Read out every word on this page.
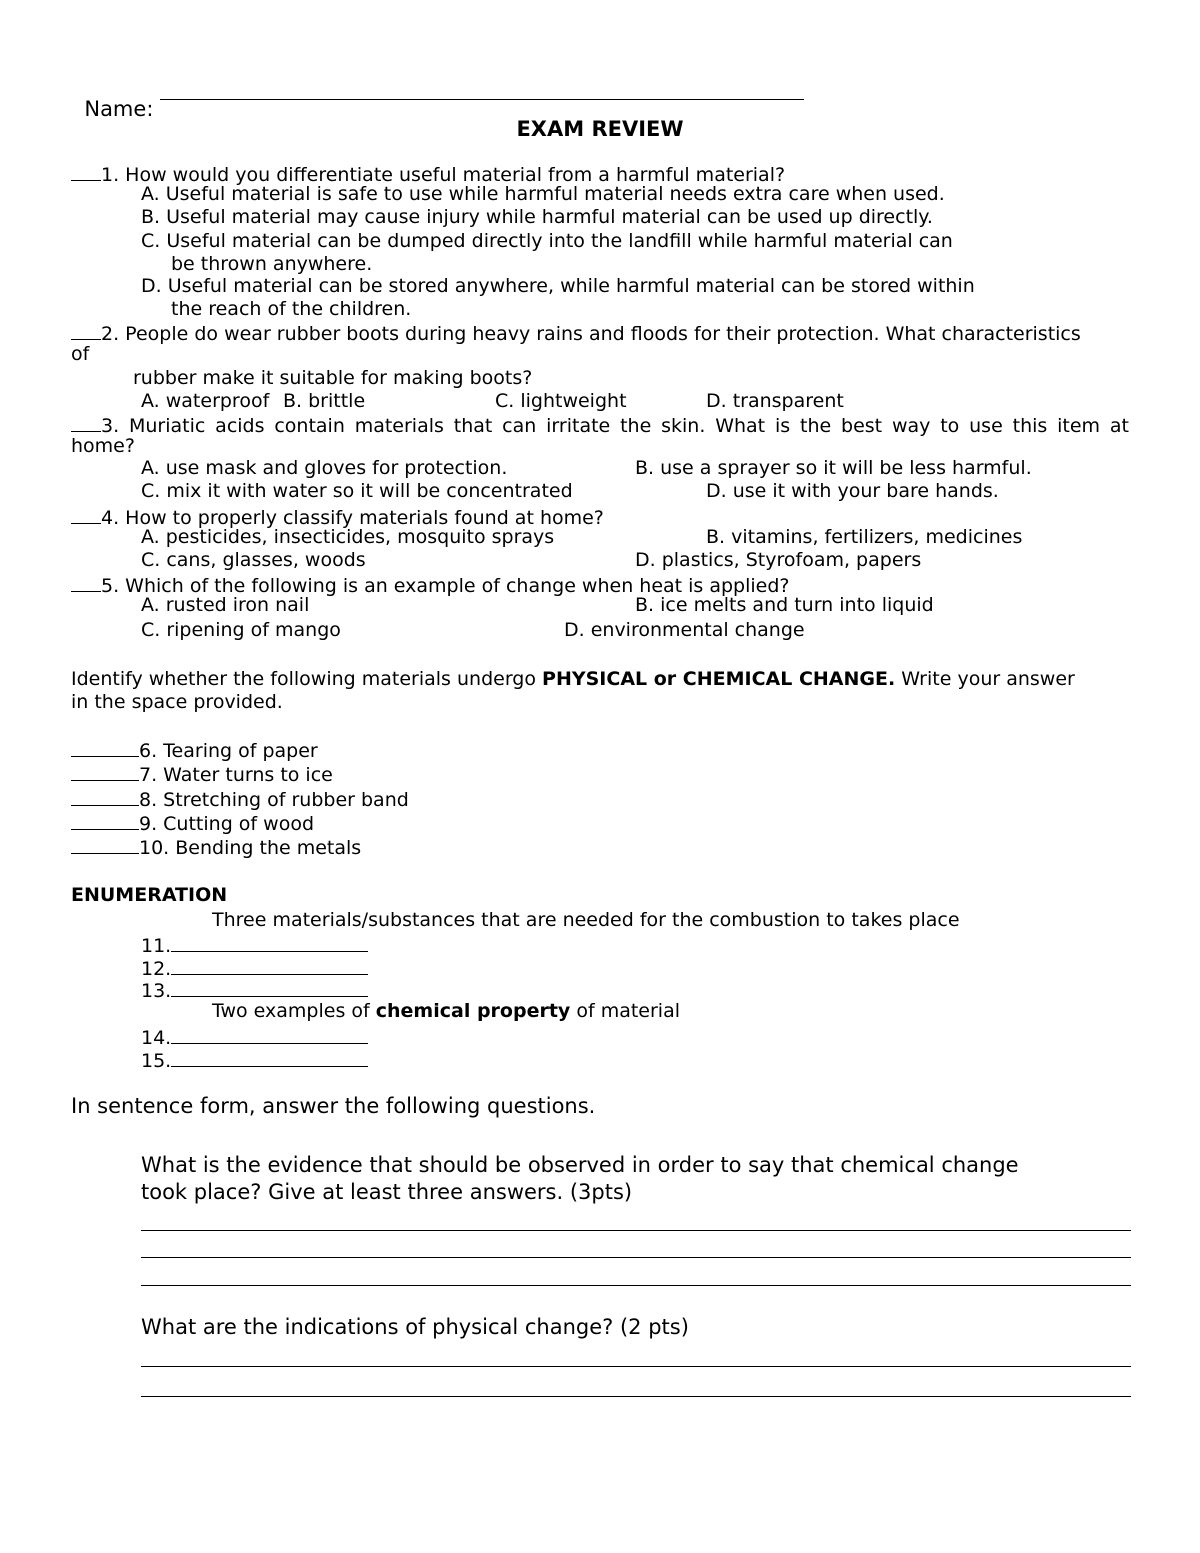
Name:

EXAM REVIEW
1. How would you differentiate useful material from a harmful material?
A. Useful material is safe to use while harmful material needs extra care when used.
B. Useful material may cause injury while harmful material can be used up directly.
C. Useful material can be dumped directly into the landfill while harmful material can
be thrown anywhere.
D. Useful material can be stored anywhere, while harmful material can be stored within
the reach of the children.
2. People do wear rubber boots during heavy rains and floods for their protection. What characteristics
of
rubber make it suitable for making boots?
A. waterproof B. brittle	C. lightweight	D. transparent
3. Muriatic acids contain materials that can irritate the skin. What is the best way to use this item at
home?
A. use mask and gloves for protection.	B. use a sprayer so it will be less harmful.
C. mix it with water so it will be concentrated	D. use it with your bare hands.
4. How to properly classify materials found at home?
A. pesticides, insecticides, mosquito sprays	B. vitamins, fertilizers, medicines
C. cans, glasses, woods	D. plastics, Styrofoam, papers
5. Which of the following is an example of change when heat is applied?
A. rusted iron nail	B. ice melts and turn into liquid
C. ripening of mango	D. environmental change
Identify whether the following materials undergo PHYSICAL or CHEMICAL CHANGE. Write your answer
in the space provided.
6. Tearing of paper
7. Water turns to ice
8. Stretching of rubber band
9. Cutting of wood
10. Bending the metals
ENUMERATION
Three materials/substances that are needed for the combustion to takes place
11.
12.
13.
Two examples of chemical property of material
14.
15.
In sentence form, answer the following questions.
What is the evidence that should be observed in order to say that chemical change
took place? Give at least three answers. (3pts)
What are the indications of physical change? (2 pts)
